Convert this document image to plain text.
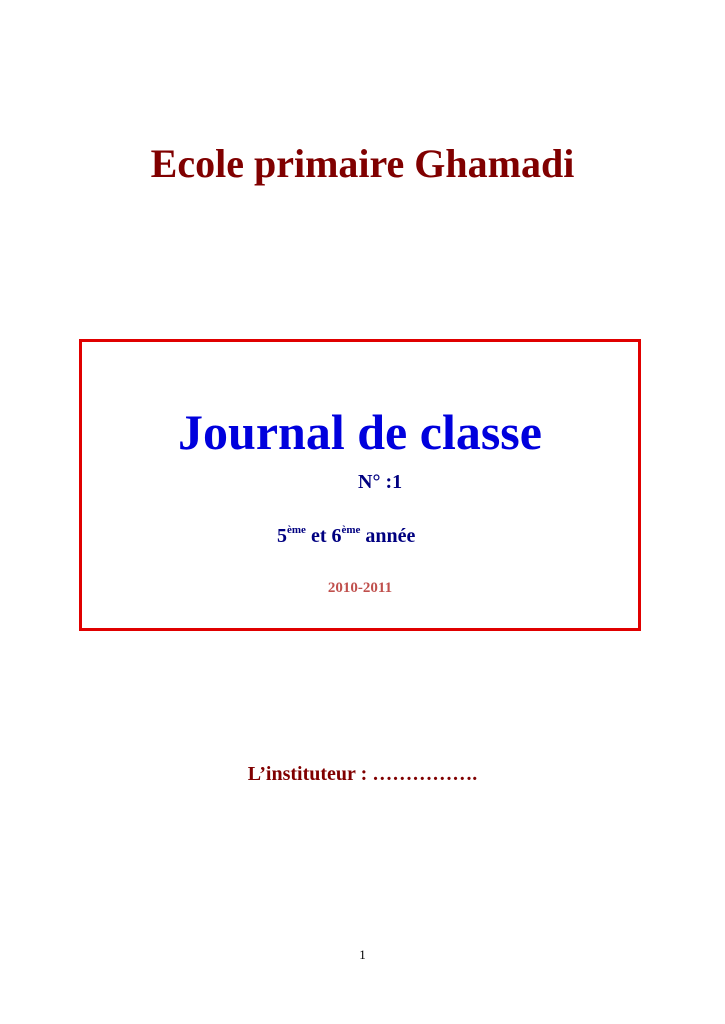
Ecole primaire Ghamadi
Journal de classe
N° :1
5ème et 6ème année
2010-2011
L’instituteur : …………….
1
